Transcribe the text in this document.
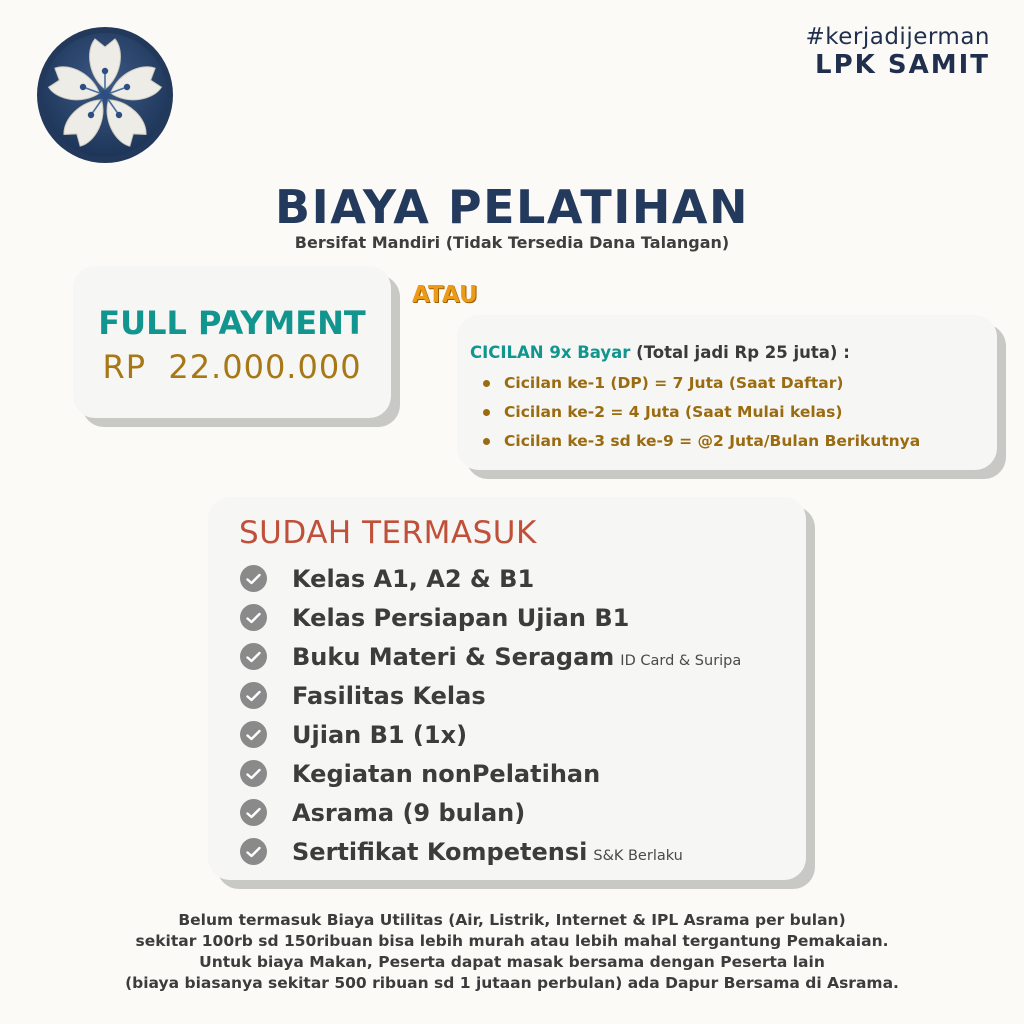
#kerjadijerman
LPK SAMIT
BIAYA PELATIHAN
Bersifat Mandiri (Tidak Tersedia Dana Talangan)
FULL PAYMENT
RP  22.000.000
ATAU
CICILAN 9x Bayar (Total jadi Rp 25 juta) :
Cicilan ke-1 (DP) = 7 Juta (Saat Daftar)
Cicilan ke-2 = 4 Juta (Saat Mulai kelas)
Cicilan ke-3 sd ke-9 = @2 Juta/Bulan Berikutnya
SUDAH TERMASUK
Kelas A1, A2 & B1
Kelas Persiapan Ujian B1
Buku Materi & Seragam ID Card & Suripa
Fasilitas Kelas
Ujian B1 (1x)
Kegiatan nonPelatihan
Asrama (9 bulan)
Sertifikat Kompetensi S&K Berlaku
Belum termasuk Biaya Utilitas (Air, Listrik, Internet & IPL Asrama per bulan)
sekitar 100rb sd 150ribuan bisa lebih murah atau lebih mahal tergantung Pemakaian.
Untuk biaya Makan, Peserta dapat masak bersama dengan Peserta lain
(biaya biasanya sekitar 500 ribuan sd 1 jutaan perbulan) ada Dapur Bersama di Asrama.
